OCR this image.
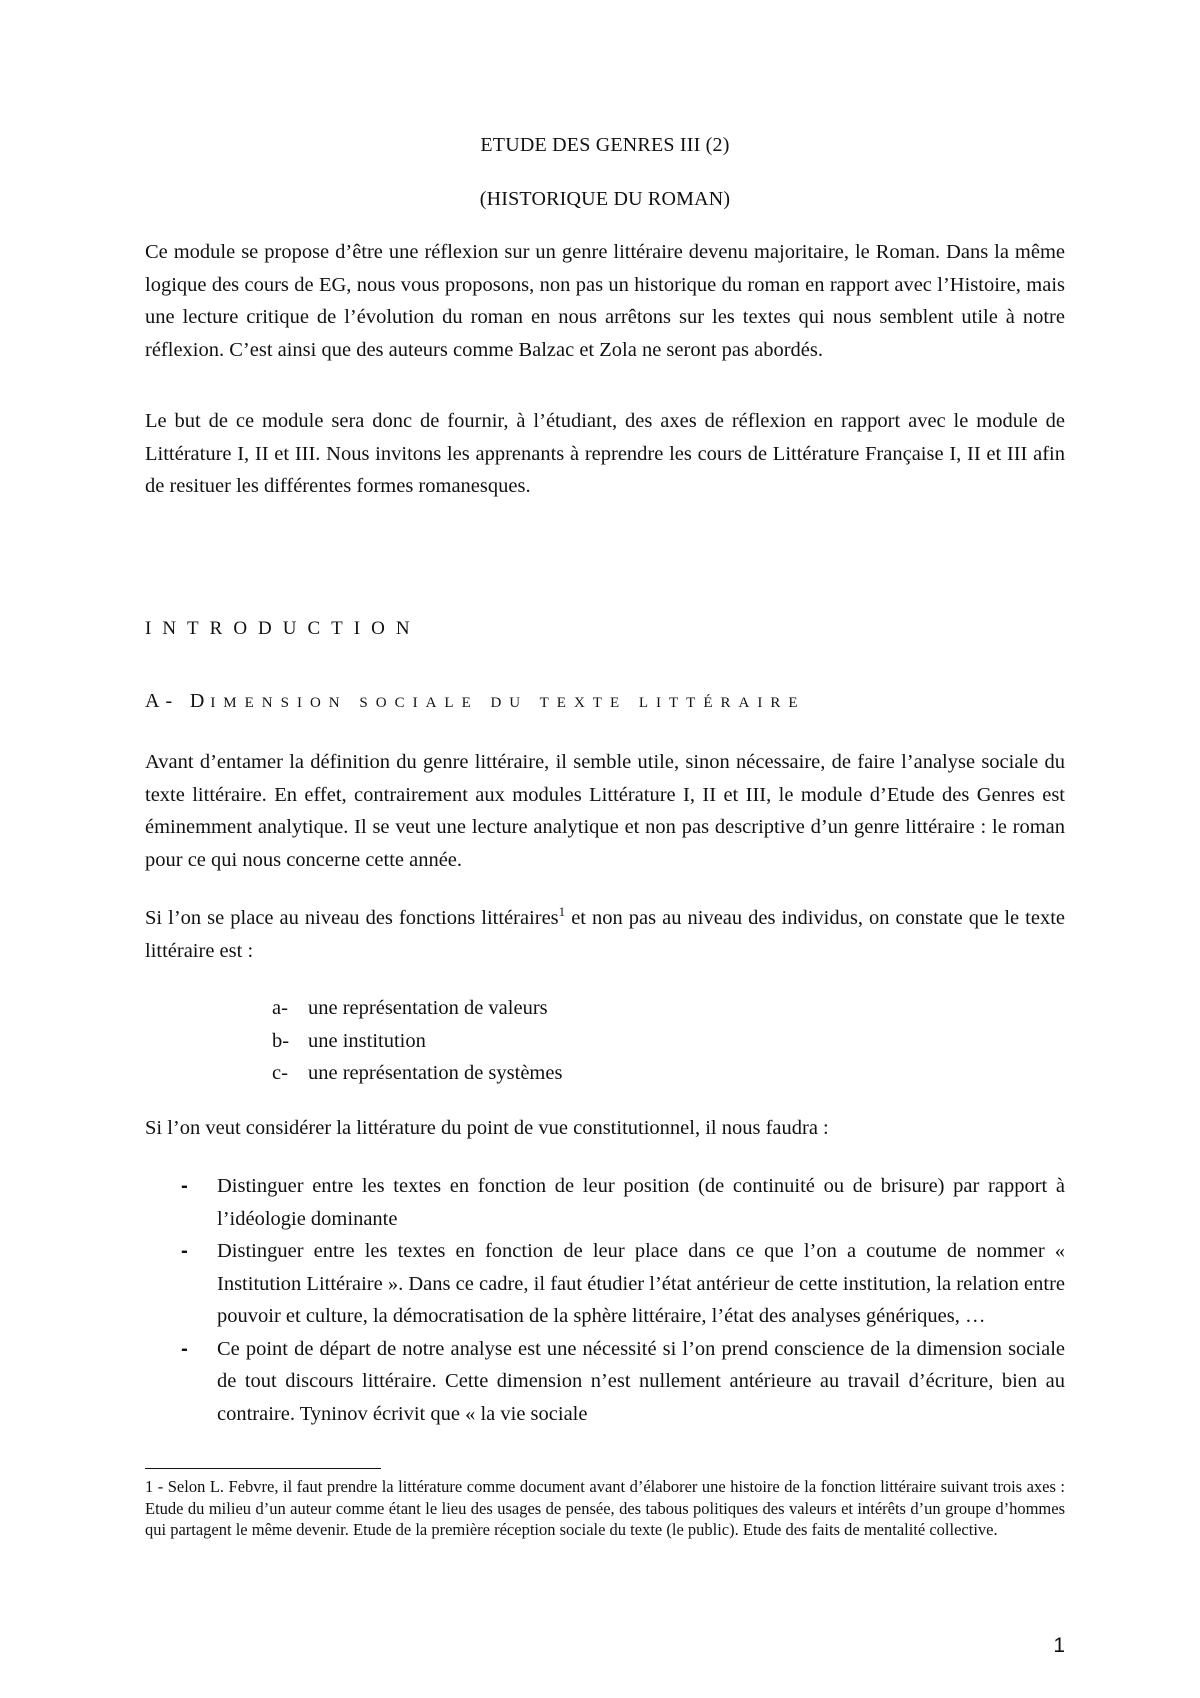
ETUDE DES GENRES III (2)
(HISTORIQUE DU ROMAN)

Ce module se propose d’être une réflexion sur un genre littéraire devenu majoritaire, le Roman. Dans la même logique des cours de EG, nous vous proposons, non pas un historique du roman en rapport avec l’Histoire, mais une lecture critique de l’évolution du roman en nous arrêtons sur les textes qui nous semblent utile à notre réflexion. C’est ainsi que des auteurs comme Balzac et Zola ne seront pas abordés.

Le but de ce module sera donc de fournir, à l’étudiant, des axes de réflexion en rapport avec le module de Littérature I, II et III. Nous invitons les apprenants à reprendre les cours de Littérature Française I, II et III afin de resituer les différentes formes romanesques.

INTRODUCTION
A- DIMENSION SOCIALE DU TEXTE LITTÉRAIRE

Avant d’entamer la définition du genre littéraire, il semble utile, sinon nécessaire, de faire l’analyse sociale du texte littéraire. En effet, contrairement aux modules Littérature I, II et III, le module d’Etude des Genres est éminemment analytique. Il se veut une lecture analytique et non pas descriptive d’un genre littéraire : le roman pour ce qui nous concerne cette année.

Si l’on se place au niveau des fonctions littéraires$^1$ et non pas au niveau des individus, on constate que le texte littéraire est :

a- une représentation de valeurs
b- une institution
c- une représentation de systèmes

Si l’on veut considérer la littérature du point de vue constitutionnel, il nous faudra :

- Distinguer entre les textes en fonction de leur position (de continuité ou de brisure) par rapport à l’idéologie dominante
- Distinguer entre les textes en fonction de leur place dans ce que l’on a coutume de nommer « Institution Littéraire ». Dans ce cadre, il faut étudier l’état antérieur de cette institution, la relation entre pouvoir et culture, la démocratisation de la sphère littéraire, l’état des analyses génériques, …
- Ce point de départ de notre analyse est une nécessité si l’on prend conscience de la dimension sociale de tout discours littéraire. Cette dimension n’est nullement antérieure au travail d’écriture, bien au contraire. Tyninov écrivit que « la vie sociale

1 - Selon L. Febvre, il faut prendre la littérature comme document avant d’élaborer une histoire de la fonction littéraire suivant trois axes : Etude du milieu d’un auteur comme étant le lieu des usages de pensée, des tabous politiques des valeurs et intérêts d’un groupe d’hommes qui partagent le même devenir. Etude de la première réception sociale du texte (le public). Etude des faits de mentalité collective.

1
